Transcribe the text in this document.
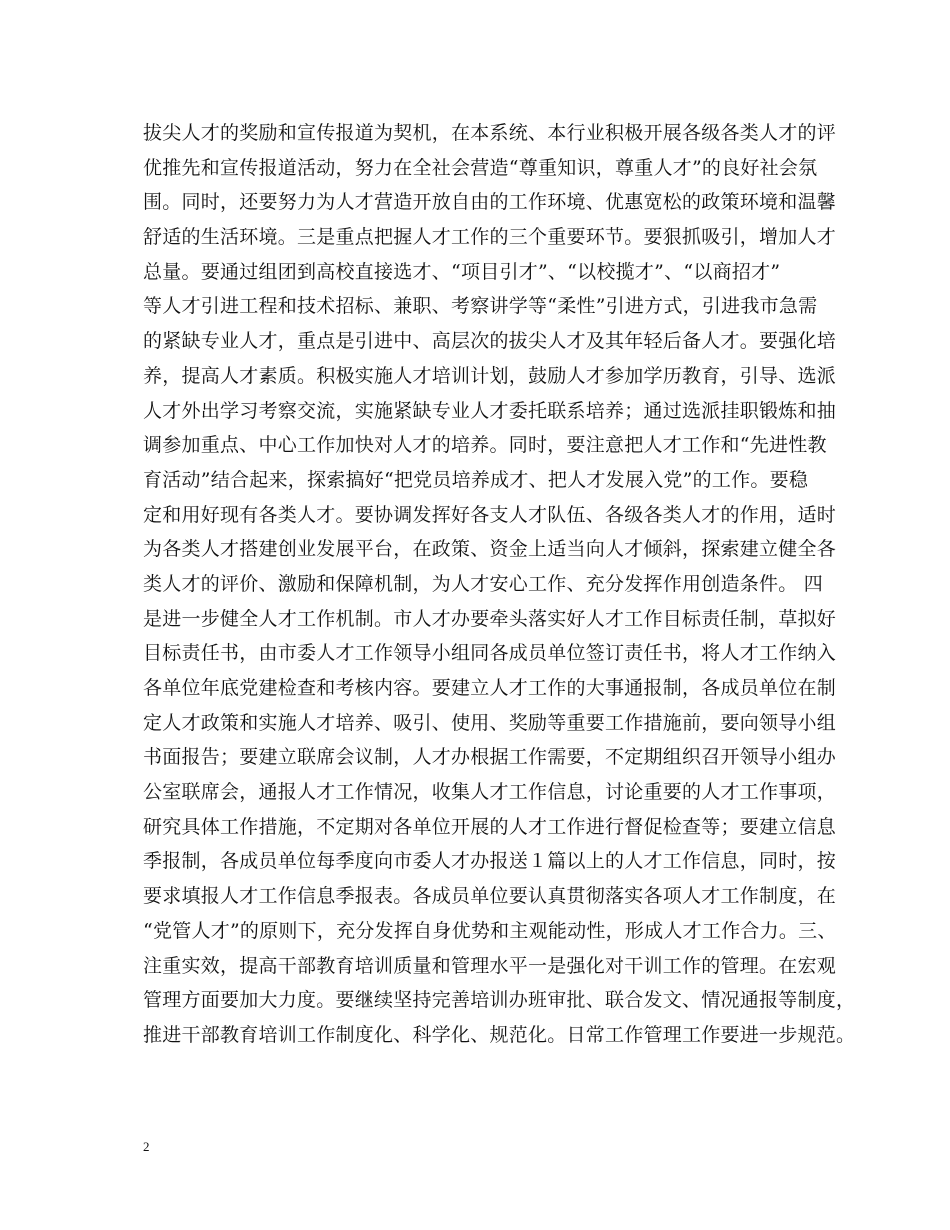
拔尖人才的奖励和宣传报道为契机，在本系统、本行业积极开展各级各类人才的评
优推先和宣传报道活动，努力在全社会营造“尊重知识，尊重人才”的良好社会氛
围。同时，还要努力为人才营造开放自由的工作环境、优惠宽松的政策环境和温馨
舒适的生活环境。三是重点把握人才工作的三个重要环节。要狠抓吸引，增加人才
总量。要通过组团到高校直接选才、“项目引才”、“以校揽才”、“以商招才”
等人才引进工程和技术招标、兼职、考察讲学等“柔性”引进方式，引进我市急需
的紧缺专业人才，重点是引进中、高层次的拔尖人才及其年轻后备人才。要强化培
养，提高人才素质。积极实施人才培训计划，鼓励人才参加学历教育，引导、选派
人才外出学习考察交流，实施紧缺专业人才委托联系培养；通过选派挂职锻炼和抽
调参加重点、中心工作加快对人才的培养。同时，要注意把人才工作和“先进性教
育活动”结合起来，探索搞好“把党员培养成才、把人才发展入党”的工作。要稳
定和用好现有各类人才。要协调发挥好各支人才队伍、各级各类人才的作用，适时
为各类人才搭建创业发展平台，在政策、资金上适当向人才倾斜，探索建立健全各
类人才的评价、激励和保障机制，为人才安心工作、充分发挥作用创造条件。 四
是进一步健全人才工作机制。市人才办要牵头落实好人才工作目标责任制，草拟好
目标责任书，由市委人才工作领导小组同各成员单位签订责任书，将人才工作纳入
各单位年底党建检查和考核内容。要建立人才工作的大事通报制，各成员单位在制
定人才政策和实施人才培养、吸引、使用、奖励等重要工作措施前，要向领导小组
书面报告；要建立联席会议制，人才办根据工作需要，不定期组织召开领导小组办
公室联席会，通报人才工作情况，收集人才工作信息，讨论重要的人才工作事项，
研究具体工作措施，不定期对各单位开展的人才工作进行督促检查等；要建立信息
季报制，各成员单位每季度向市委人才办报送１篇以上的人才工作信息，同时，按
要求填报人才工作信息季报表。各成员单位要认真贯彻落实各项人才工作制度，在
“党管人才”的原则下，充分发挥自身优势和主观能动性，形成人才工作合力。三、
注重实效，提高干部教育培训质量和管理水平一是强化对干训工作的管理。在宏观
管理方面要加大力度。要继续坚持完善培训办班审批、联合发文、情况通报等制度，
推进干部教育培训工作制度化、科学化、规范化。日常工作管理工作要进一步规范。
2
